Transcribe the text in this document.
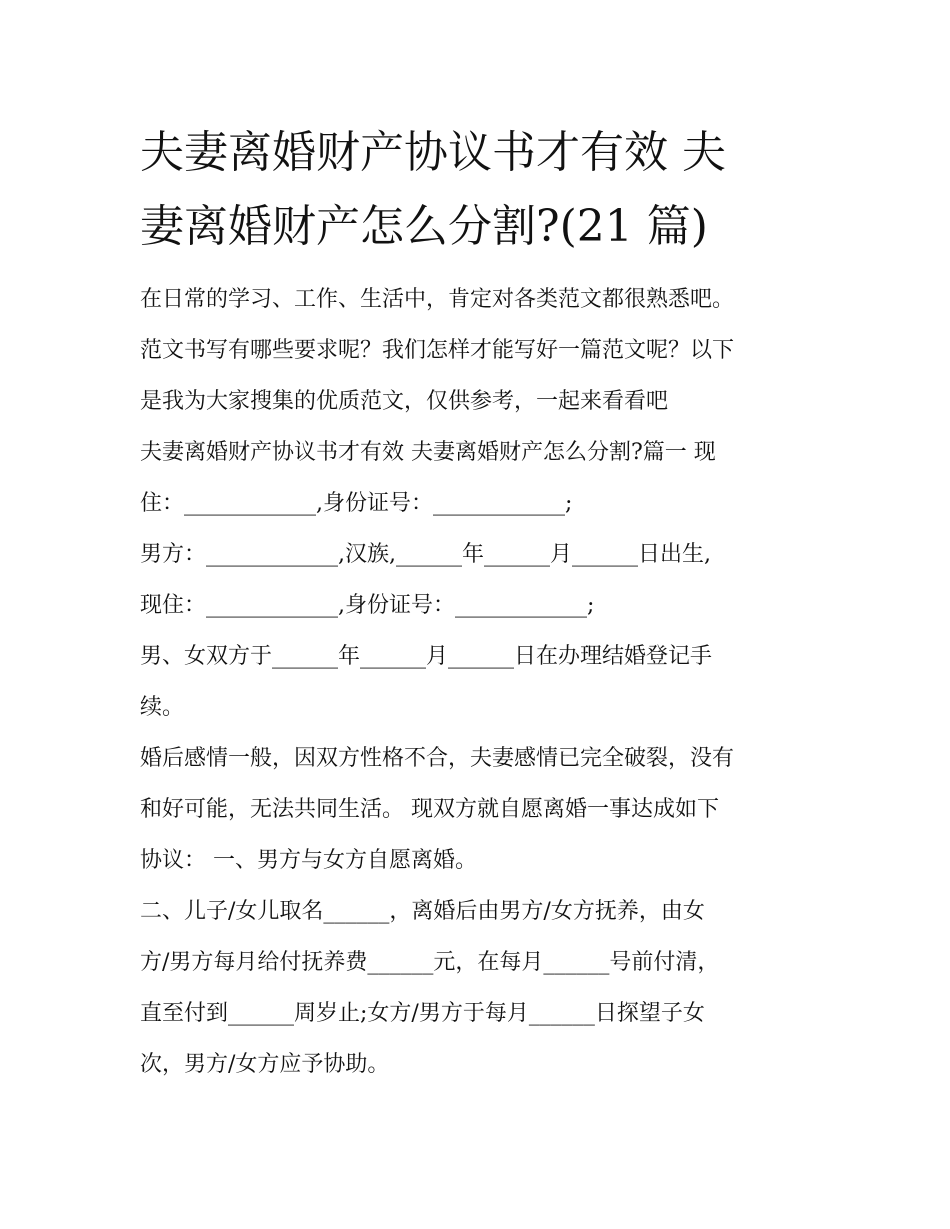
夫妻离婚财产协议书才有效 夫
妻离婚财产怎么分割?(21 篇)

在日常的学习、工作、生活中，肯定对各类范文都很熟悉吧。

范文书写有哪些要求呢？我们怎样才能写好一篇范文呢？以下

是我为大家搜集的优质范文，仅供参考，一起来看看吧

夫妻离婚财产协议书才有效 夫妻离婚财产怎么分割?篇一 现

住：____________,身份证号：____________;

男方：____________,汉族,______年______月______日出生,

现住：____________,身份证号：____________;

男、女双方于______年______月______日在办理结婚登记手

续。

婚后感情一般，因双方性格不合，夫妻感情已完全破裂，没有

和好可能，无法共同生活。 现双方就自愿离婚一事达成如下

协议： 一、男方与女方自愿离婚。

二、儿子/女儿取名______，离婚后由男方/女方抚养，由女

方/男方每月给付抚养费______元，在每月______号前付清，

直至付到______周岁止;女方/男方于每月______日探望子女

次，男方/女方应予协助。
